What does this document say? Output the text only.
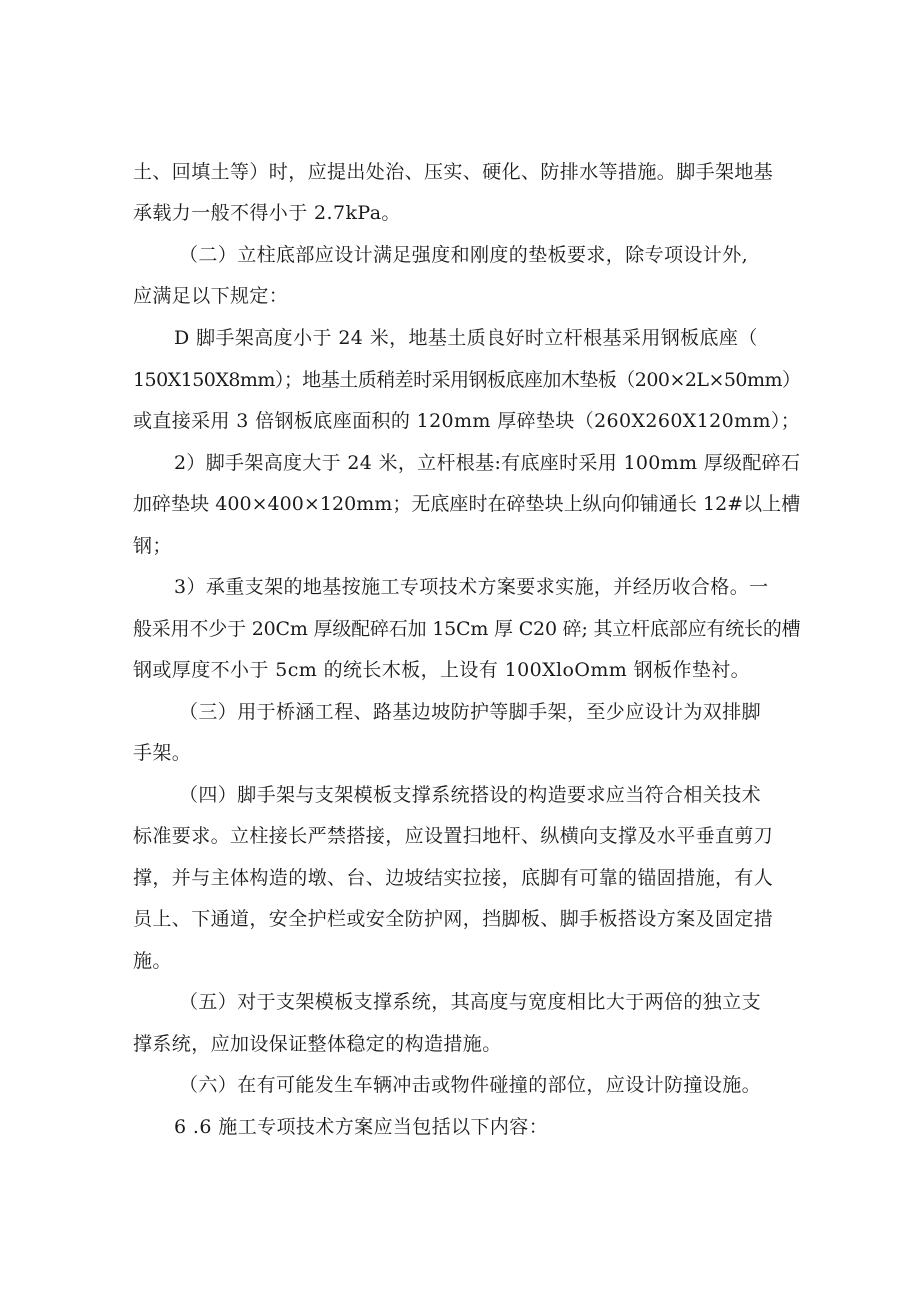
土、回填土等）时，应提出处治、压实、硬化、防排水等措施。脚手架地基
承载力一般不得小于 2.7kPa。
（二）立柱底部应设计满足强度和刚度的垫板要求，除专项设计外,
应满足以下规定：
D 脚手架高度小于 24 米，地基土质良好时立杆根基采用钢板底座（
150X150X8mm）；地基土质稍差时采用钢板底座加木垫板（200×2L×50mm）
或直接采用 3 倍钢板底座面积的 120mm 厚碎垫块（260X260X120mm）；
2）脚手架高度大于 24 米，立杆根基:有底座时采用 100mm 厚级配碎石
加碎垫块 400×400×120mm；无底座时在碎垫块上纵向仰铺通长 12#以上槽
钢；
3）承重支架的地基按施工专项技术方案要求实施，并经历收合格。一
般采用不少于 20Cm 厚级配碎石加 15Cm 厚 C20 碎; 其立杆底部应有统长的槽
钢或厚度不小于 5cm 的统长木板，上设有 100XloOmm 钢板作垫衬。
（三）用于桥涵工程、路基边坡防护等脚手架，至少应设计为双排脚
手架。
（四）脚手架与支架模板支撑系统搭设的构造要求应当符合相关技术
标准要求。立柱接长严禁搭接，应设置扫地杆、纵横向支撑及水平垂直剪刀
撑，并与主体构造的墩、台、边坡结实拉接，底脚有可靠的锚固措施，有人
员上、下通道，安全护栏或安全防护网，挡脚板、脚手板搭设方案及固定措
施。
（五）对于支架模板支撑系统，其高度与宽度相比大于两倍的独立支
撑系统，应加设保证整体稳定的构造措施。
（六）在有可能发生车辆冲击或物件碰撞的部位，应设计防撞设施。
6 .6 施工专项技术方案应当包括以下内容：
